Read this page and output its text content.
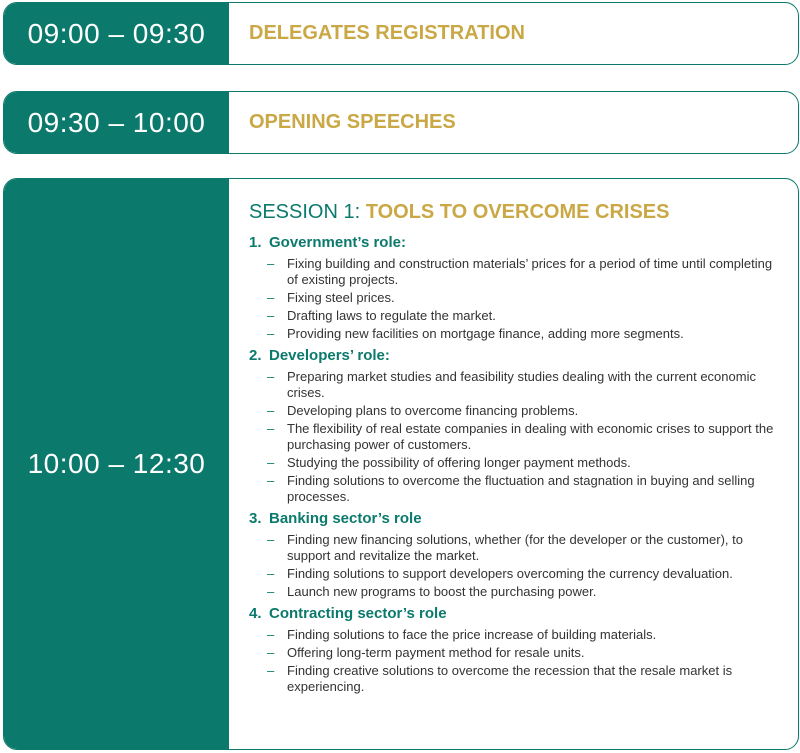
09:00 – 09:30	DELEGATES REGISTRATION
09:30 – 10:00	OPENING SPEECHES
10:00 – 12:30
SESSION 1: TOOLS TO OVERCOME CRISES
1. Government’s role:
– Fixing building and construction materials’ prices for a period of time until completing of existing projects.
– Fixing steel prices.
– Drafting laws to regulate the market.
– Providing new facilities on mortgage finance, adding more segments.
2. Developers’ role:
– Preparing market studies and feasibility studies dealing with the current economic crises.
– Developing plans to overcome financing problems.
– The flexibility of real estate companies in dealing with economic crises to support the purchasing power of customers.
– Studying the possibility of offering longer payment methods.
– Finding solutions to overcome the fluctuation and stagnation in buying and selling processes.
3. Banking sector’s role
– Finding new financing solutions, whether (for the developer or the customer), to support and revitalize the market.
– Finding solutions to support developers overcoming the currency devaluation.
– Launch new programs to boost the purchasing power.
4. Contracting sector’s role
– Finding solutions to face the price increase of building materials.
– Offering long-term payment method for resale units.
– Finding creative solutions to overcome the recession that the resale market is experiencing.
